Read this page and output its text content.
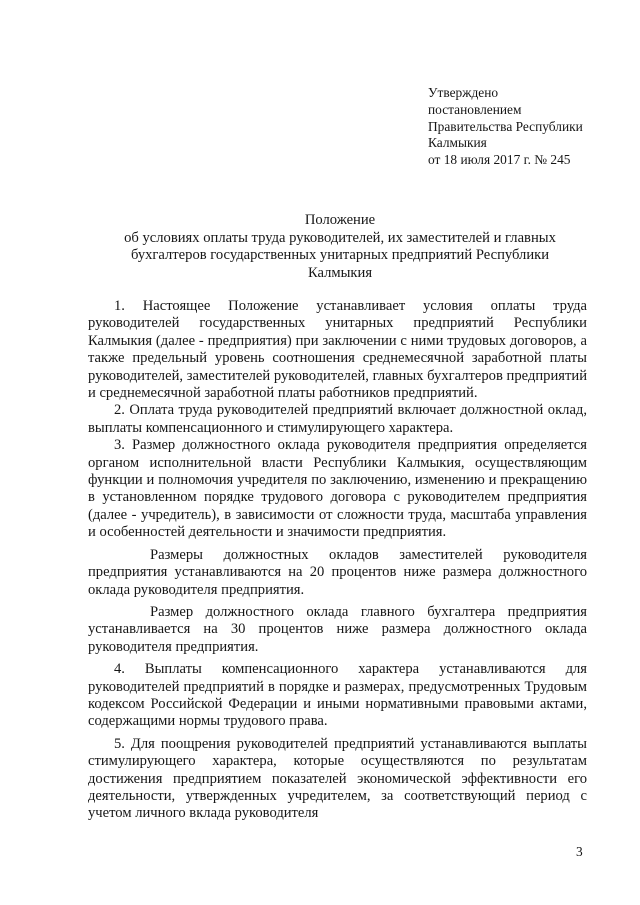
Утверждено
постановлением
Правительства Республики
Калмыкия
от 18 июля 2017 г. № 245
Положение
об условиях оплаты труда руководителей, их заместителей и главных
бухгалтеров государственных унитарных предприятий Республики
Калмыкия

1. Настоящее Положение устанавливает условия оплаты труда руководителей государственных унитарных предприятий Республики Калмыкия (далее - предприятия) при заключении с ними трудовых договоров, а также предельный уровень соотношения среднемесячной заработной платы руководителей, заместителей руководителей, главных бухгалтеров предприятий и среднемесячной заработной платы работников предприятий.

2. Оплата труда руководителей предприятий включает должностной оклад, выплаты компенсационного и стимулирующего характера.

3. Размер должностного оклада руководителя предприятия определяется органом исполнительной власти Республики Калмыкия, осуществляющим функции и полномочия учредителя по заключению, изменению и прекращению в установленном порядке трудового договора с руководителем предприятия (далее - учредитель), в зависимости от сложности труда, масштаба управления и особенностей деятельности и значимости предприятия.

Размеры должностных окладов заместителей руководителя предприятия устанавливаются на 20 процентов ниже размера должностного оклада руководителя предприятия.

Размер должностного оклада главного бухгалтера предприятия устанавливается на 30 процентов ниже размера должностного оклада руководителя предприятия.

4. Выплаты компенсационного характера устанавливаются для руководителей предприятий в порядке и размерах, предусмотренных Трудовым кодексом Российской Федерации и иными нормативными правовыми актами, содержащими нормы трудового права.

5. Для поощрения руководителей предприятий устанавливаются выплаты стимулирующего характера, которые осуществляются по результатам достижения предприятием показателей экономической эффективности его деятельности, утвержденных учредителем, за соответствующий период с учетом личного вклада руководителя

3
